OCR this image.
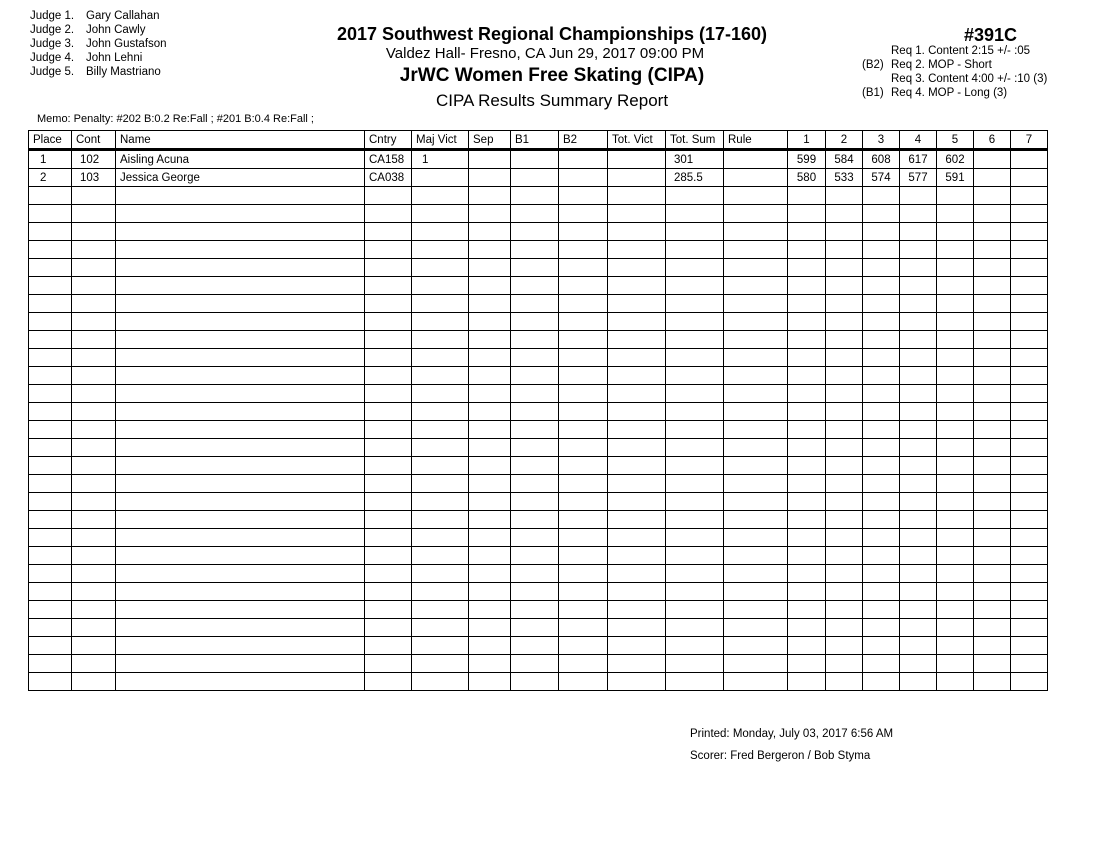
Judge 1.	Gary Callahan
Judge 2.	John Cawly
Judge 3.	John Gustafson
Judge 4.	John Lehni
Judge 5.	Billy Mastriano
2017 Southwest Regional Championships (17-160)
Valdez Hall- Fresno, CA Jun 29, 2017 09:00 PM
JrWC Women Free Skating (CIPA)
CIPA Results Summary Report
#391C
Req 1. Content 2:15 +/- :05
(B2) Req 2. MOP - Short
Req 3. Content 4:00 +/- :10 (3)
(B1) Req 4. MOP - Long (3)
Memo: Penalty: #202 B:0.2 Re:Fall ; #201 B:0.4 Re:Fall ;
Place	Cont	Name	Cntry	Maj Vict	Sep	B1	B2	Tot. Vict	Tot. Sum	Rule	1	2	3	4	5	6	7
1	102	Aisling Acuna	CA158	1					301		599	584	608	617	602		
2	103	Jessica George	CA038						285.5		580	533	574	577	591		

Printed: Monday, July 03, 2017 6:56 AM
Scorer: Fred Bergeron / Bob Styma
